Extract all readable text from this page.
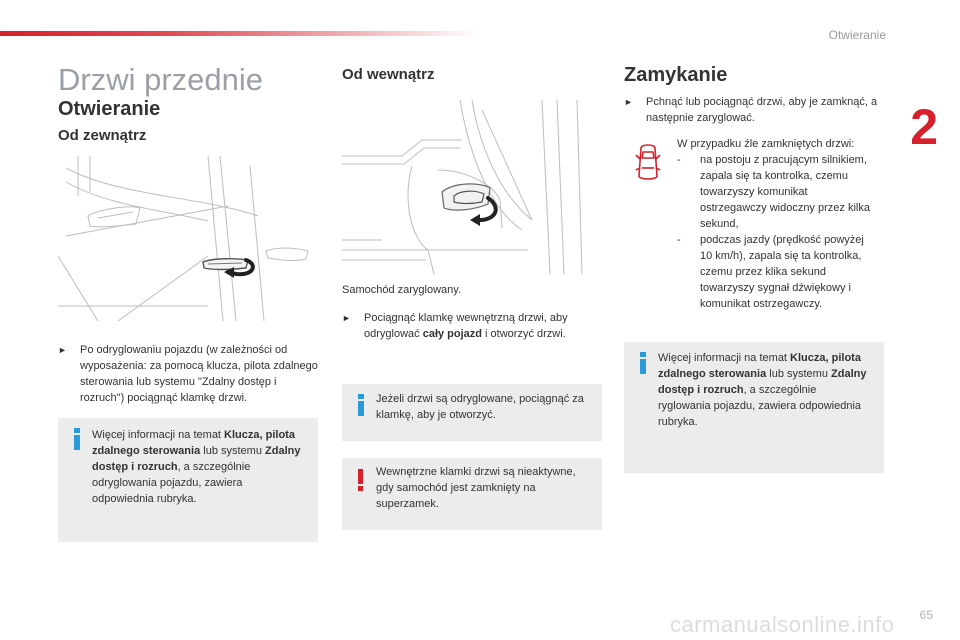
Otwieranie
2
Drzwi przednie
Otwieranie
Od zewnątrz
►	Po odryglowaniu pojazdu (w zależności od wyposażenia: za pomocą klucza, pilota zdalnego sterowania lub systemu "Zdalny dostęp i rozruch") pociągnąć klamkę drzwi.
Więcej informacji na temat Klucza, pilota zdalnego sterowania lub systemu Zdalny dostęp i rozruch, a szczególnie odryglowania pojazdu, zawiera odpowiednia rubryka.
Od wewnątrz
Samochód zaryglowany.
►	Pociągnąć klamkę wewnętrzną drzwi, aby odryglować cały pojazd i otworzyć drzwi.
Jeżeli drzwi są odryglowane, pociągnąć za klamkę, aby je otworzyć.
Wewnętrzne klamki drzwi są nieaktywne, gdy samochód jest zamknięty na superzamek.
Zamykanie
►	Pchnąć lub pociągnąć drzwi, aby je zamknąć, a następnie zaryglować.
W przypadku źle zamkniętych drzwi:
- na postoju z pracującym silnikiem, zapala się ta kontrolka, czemu towarzyszy komunikat ostrzegawczy widoczny przez kilka sekund,
- podczas jazdy (prędkość powyżej 10 km/h), zapala się ta kontrolka, czemu przez klika sekund towarzyszy sygnał dźwiękowy i komunikat ostrzegawczy.
Więcej informacji na temat Klucza, pilota zdalnego sterowania lub systemu Zdalny dostęp i rozruch, a szczególnie ryglowania pojazdu, zawiera odpowiednia rubryka.
65
carmanualsonline.info
